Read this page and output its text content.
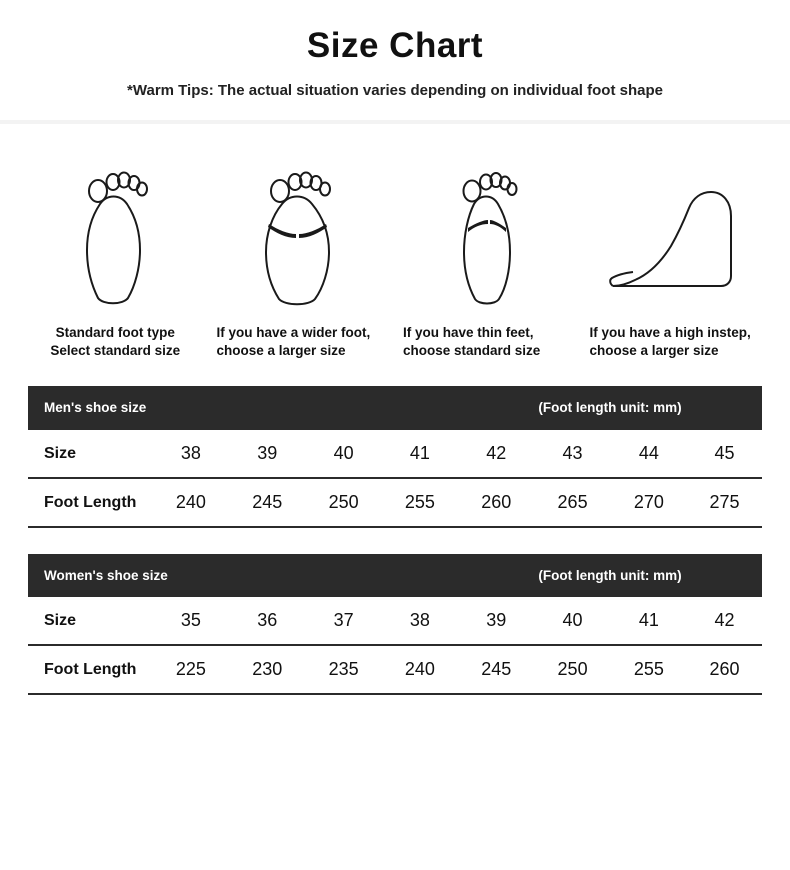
Size Chart

*Warm Tips: The actual situation varies depending on individual foot shape

Standard foot type
Select standard size
If you have a wider foot, choose a larger size
If you have thin feet, choose standard size
If you have a high instep, choose a larger size
Men's shoe size						(Foot length unit: mm)		
Size	38	39	40	41	42	43	44	45
Foot Length	240	245	250	255	260	265	270	275
Women's shoe size						(Foot length unit: mm)		
Size	35	36	37	38	39	40	41	42
Foot Length	225	230	235	240	245	250	255	260
